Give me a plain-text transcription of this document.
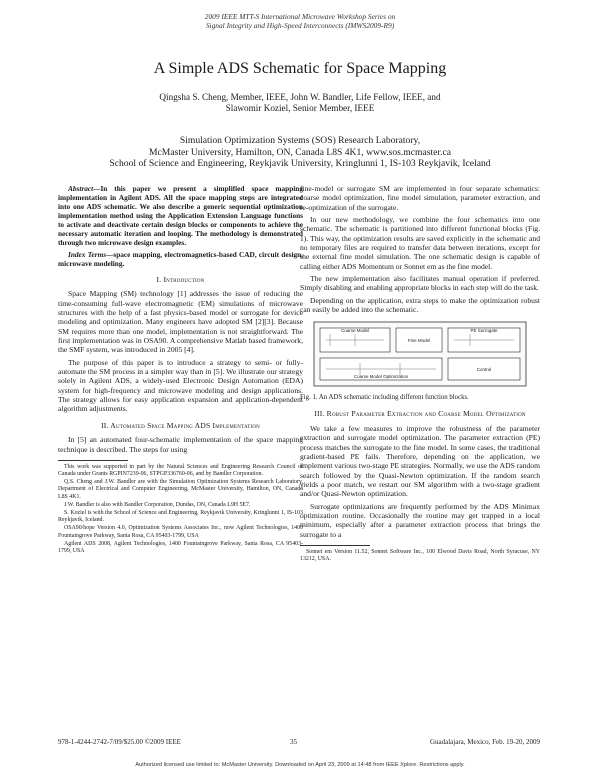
2009 IEEE MTT-S International Microwave Workshop Series on
Signal Integrity and High-Speed Interconnects (IMWS2009-R9)
A Simple ADS Schematic for Space Mapping
Qingsha S. Cheng, Member, IEEE, John W. Bandler, Life Fellow, IEEE, and
Slawomir Koziel, Senior Member, IEEE
Simulation Optimization Systems (SOS) Research Laboratory,
McMaster University, Hamilton, ON, Canada L8S 4K1, www.sos.mcmaster.ca
School of Science and Engineering, Reykjavik University, Kringlunni 1, IS-103 Reykjavik, Iceland

Abstract—In this paper we present a simplified space mapping implementation in Agilent ADS. All the space mapping steps are integrated into one ADS schematic. We also describe a generic sequential optimization implementation method using the Application Extension Language functions to activate and deactivate certain design blocks or components to achieve the necessary automatic iteration and looping. The methodology is demonstrated through two microwave design examples.

Index Terms—space mapping, electromagnetics-based CAD, circuit design, microwave modeling.

I. Introduction

Space Mapping (SM) technology [1] addresses the issue of reducing the time-consuming full-wave electromagnetic (EM) simulations of microwave structures with the help of a fast physics-based model or surrogate for device modeling and optimization. Many engineers have adopted SM [2][3]. Because SM requires more than one model, implementation is not straightforward. The first implementation was in OSA90. A comprehensive Matlab based framework, the SMF system, was introduced in 2005 [4].

The purpose of this paper is to introduce a strategy to semi- or fully-automate the SM process in a simpler way than in [5]. We illustrate our strategy solely in Agilent ADS, a widely-used Electronic Design Automation (EDA) system for high-frequency and microwave modeling and design applications. The strategy allows for easy application expansion and application-dependent algorithm adjustments.

II. Automated Space Mapping ADS Implementation

In [5] an automated four-schematic implementation of the space mapping technique is described. The steps for using

This work was supported in part by the Natural Sciences and Engineering Research Council of Canada under Grants RGPIN7239-06, STPGP336760-06, and by Bandler Corporation.

Q.S. Cheng and J.W. Bandler are with the Simulation Optimization Systems Research Laboratory, Department of Electrical and Computer Engineering, McMaster University, Hamilton, ON, Canada L8S 4K1.

J.W. Bandler is also with Bandler Corporation, Dundas, ON, Canada L9H 5E7.

S. Koziel is with the School of Science and Engineering, Reykjavik University, Kringlunni 1, IS-103 Reykjavik, Iceland.

OSA90/hope Version 4.0, Optimization Systems Associates Inc., now Agilent Technologies, 1400 Fountaingrove Parkway, Santa Rosa, CA 95403-1799, USA

Agilent ADS 2008, Agilent Technologies, 1400 Fountaingrove Parkway, Santa Rosa, CA 95403-1799, USA

fine-model or surrogate SM are implemented in four separate schematics: coarse model optimization, fine model simulation, parameter extraction, and re-optimization of the surrogate.

In our new methodology, we combine the four schematics into one schematic. The schematic is partitioned into different functional blocks (Fig. 1). This way, the optimization results are saved explicitly in the schematic and no temporary files are required to transfer data between iterations, except for the external fine model simulation. The one schematic design is capable of calling either ADS Momentum or Sonnet em as the fine model.

The new implementation also facilitates manual operation if preferred. Simply disabling and enabling appropriate blocks in each step will do the task.

Depending on the application, extra steps to make the optimization robust can easily be added into the schematic.

Coarse Model
Fine Model
PE Surrogate
Coarse Model Optimization
Control

Fig. 1. An ADS schematic including different function blocks.

III. Robust Parameter Extraction and Coarse Model Optimization

We take a few measures to improve the robustness of the parameter extraction and surrogate model optimization. The parameter extraction (PE) process matches the surrogate to the fine model. In some cases, the traditional gradient-based PE fails. Therefore, depending on the application, we implement various two-stage PE strategies. Normally, we use the ADS random search followed by the Quasi-Newton optimization. If the random search yields a poor match, we restart our SM algorithm with a two-stage gradient and/or Quasi-Newton optimization.

Surrogate optimizations are frequently performed by the ADS Minimax optimization routine. Occasionally the routine may get trapped in a local minimum, especially after a parameter extraction process that brings the surrogate to a

Sonnet em Version 11.52, Sonnet Software Inc., 100 Elwood Davis Road, North Syracuse, NY 13212, USA.

978-1-4244-2742-7/09/$25.00 ©2009 IEEE	35	Guadalajara, Mexico, Feb. 19-20, 2009
Authorized licensed use limited to: McMaster University. Downloaded on April 23, 2009 at 14:48 from IEEE Xplore. Restrictions apply.
